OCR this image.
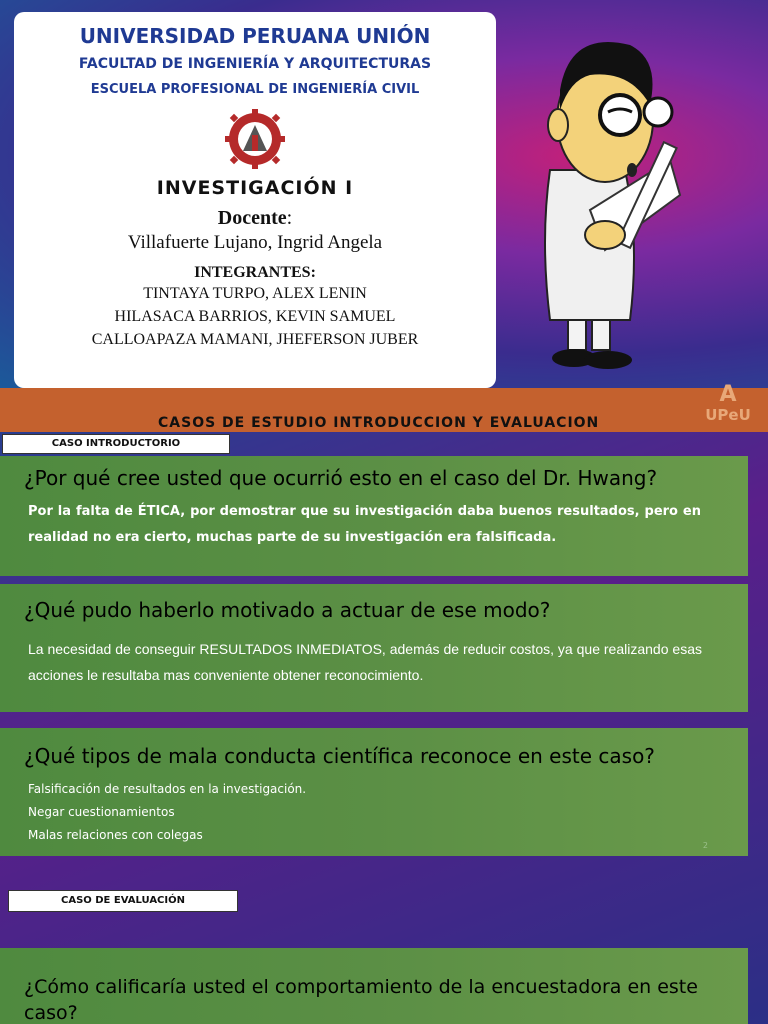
UNIVERSIDAD PERUANA UNIÓN
FACULTAD DE INGENIERÍA Y ARQUITECTURAS
ESCUELA PROFESIONAL DE INGENIERÍA CIVIL
INVESTIGACIÓN I
Docente:
Villafuerte Lujano, Ingrid Angela
INTEGRANTES:
TINTAYA TURPO, ALEX LENIN
HILASACA BARRIOS, KEVIN SAMUEL
CALLOAPAZA MAMANI, JHEFERSON JUBER
CASOS DE ESTUDIO INTRODUCCION Y EVALUACION
A
UPeU
CASO INTRODUCTORIO
¿Por qué cree usted que ocurrió esto en el caso del Dr. Hwang?
Por la falta de ÉTICA, por demostrar que su investigación daba buenos resultados, pero en realidad no era cierto, muchas parte de su investigación era falsificada.
¿Qué pudo haberlo motivado a actuar de ese modo?
La necesidad de conseguir RESULTADOS INMEDIATOS, además de reducir costos, ya que realizando esas acciones le resultaba mas conveniente obtener reconocimiento.
¿Qué tipos de mala conducta científica reconoce en este caso?
Falsificación de resultados en la investigación.
Negar cuestionamientos
Malas relaciones con colegas
2
CASO DE EVALUACIÓN
¿Cómo calificaría usted el comportamiento de la encuestadora en este caso?
